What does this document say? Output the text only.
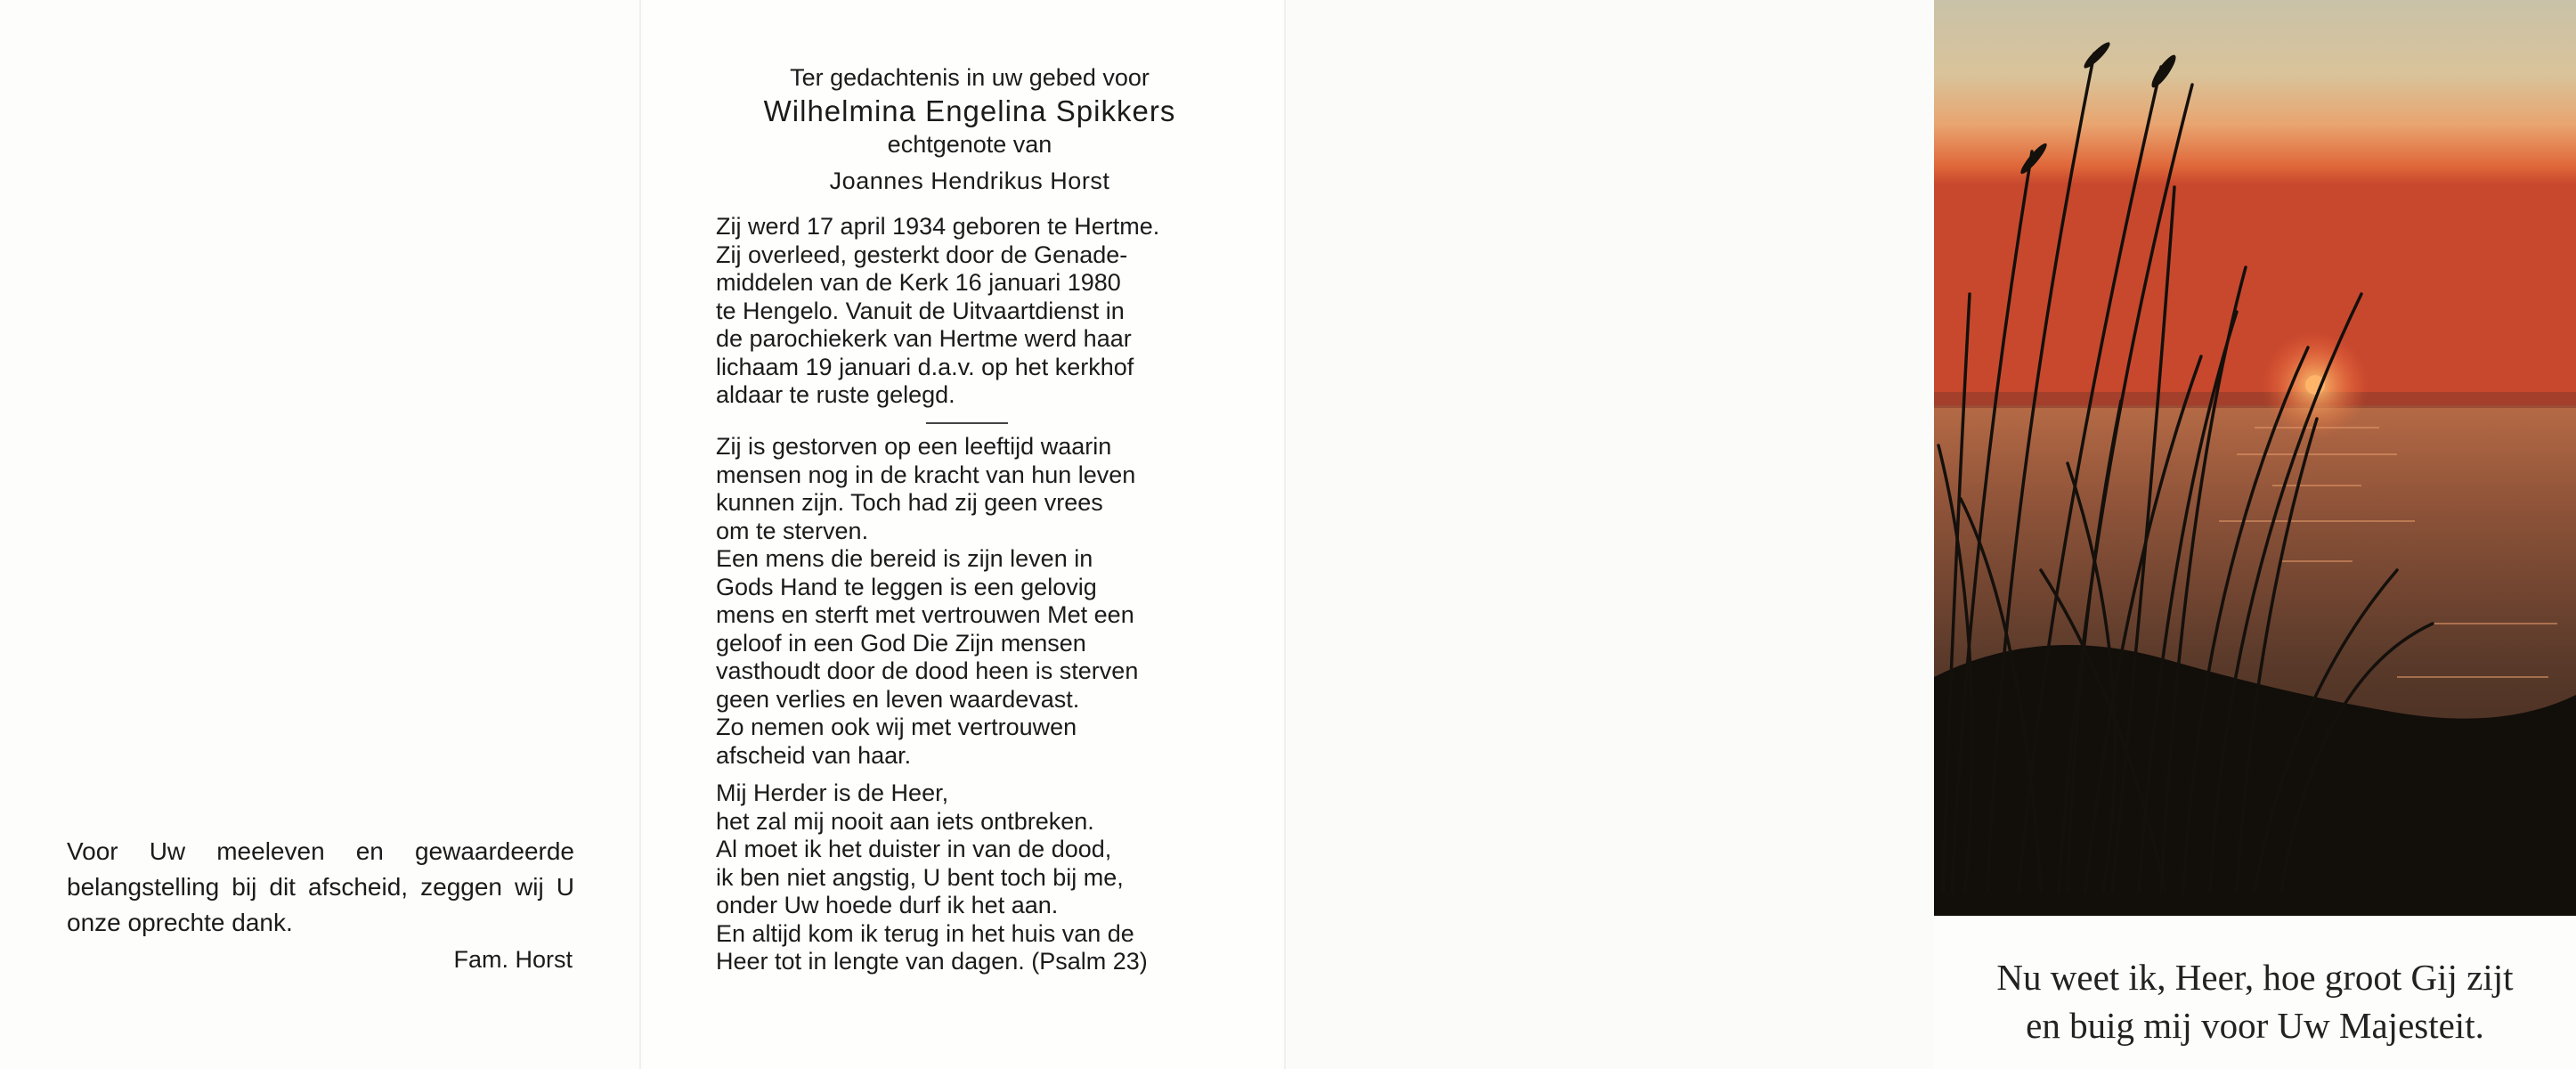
Voor Uw meeleven en gewaardeerde belangstelling bij dit afscheid, zeggen wij U onze oprechte dank.
Fam. Horst
Ter gedachtenis in uw gebed voor
Wilhelmina Engelina Spikkers
echtgenote van
Joannes Hendrikus Horst
Zij werd 17 april 1934 geboren te Hertme.
Zij overleed, gesterkt door de Genade-
middelen van de Kerk 16 januari 1980
te Hengelo. Vanuit de Uitvaartdienst in
de parochiekerk van Hertme werd haar
lichaam 19 januari d.a.v. op het kerkhof
aldaar te ruste gelegd.
Zij is gestorven op een leeftijd waarin
mensen nog in de kracht van hun leven
kunnen zijn. Toch had zij geen vrees
om te sterven.
Een mens die bereid is zijn leven in
Gods Hand te leggen is een gelovig
mens en sterft met vertrouwen Met een
geloof in een God Die Zijn mensen
vasthoudt door de dood heen is sterven
geen verlies en leven waardevast.
Zo nemen ook wij met vertrouwen
afscheid van haar.
Mij Herder is de Heer,
het zal mij nooit aan iets ontbreken.
Al moet ik het duister in van de dood,
ik ben niet angstig, U bent toch bij me,
onder Uw hoede durf ik het aan.
En altijd kom ik terug in het huis van de
Heer tot in lengte van dagen. (Psalm 23)	Nu weet ik, Heer, hoe groot Gij zijt
en buig mij voor Uw Majesteit.
